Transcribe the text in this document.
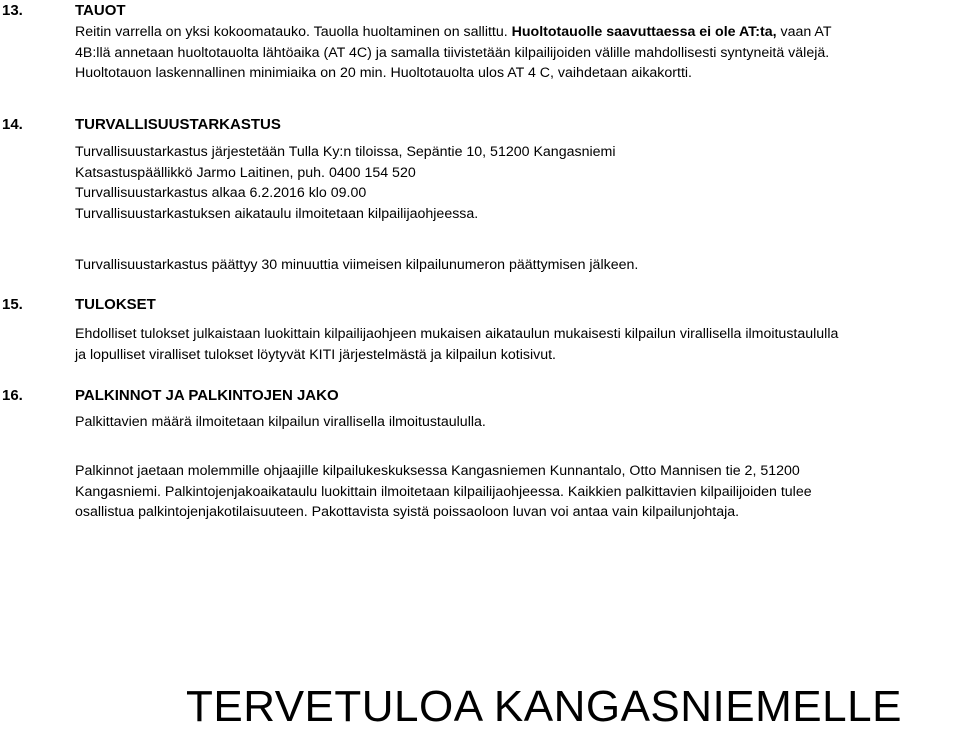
13.	TAUOT
Reitin varrella on yksi kokoomatauko. Tauolla huoltaminen on sallittu. Huoltotauolle saavuttaessa ei ole AT:ta, vaan AT
4B:llä annetaan huoltotauolta lähtöaika (AT 4C) ja samalla tiivistetään kilpailijoiden välille mahdollisesti syntyneitä välejä.
Huoltotauon laskennallinen minimiaika on 20 min. Huoltotauolta ulos AT 4 C, vaihdetaan aikakortti.
14.	TURVALLISUUSTARKASTUS
Turvallisuustarkastus järjestetään Tulla Ky:n tiloissa, Sepäntie 10, 51200 Kangasniemi
Katsastuspäällikkö Jarmo Laitinen, puh. 0400 154 520
Turvallisuustarkastus alkaa 6.2.2016 klo 09.00
Turvallisuustarkastuksen aikataulu ilmoitetaan kilpailijaohjeessa.
Turvallisuustarkastus päättyy 30 minuuttia viimeisen kilpailunumeron päättymisen jälkeen.
15.	TULOKSET
Ehdolliset tulokset julkaistaan luokittain kilpailijaohjeen mukaisen aikataulun mukaisesti kilpailun virallisella ilmoitustaululla
ja lopulliset viralliset tulokset löytyvät KITI järjestelmästä ja kilpailun kotisivut.
16.	PALKINNOT JA PALKINTOJEN JAKO
Palkittavien määrä ilmoitetaan kilpailun virallisella ilmoitustaululla.
Palkinnot jaetaan molemmille ohjaajille kilpailukeskuksessa Kangasniemen Kunnantalo, Otto Mannisen tie 2, 51200
Kangasniemi. Palkintojenjakoaikataulu luokittain ilmoitetaan kilpailijaohjeessa. Kaikkien palkittavien kilpailijoiden tulee
osallistua palkintojenjakotilaisuuteen. Pakottavista syistä poissaoloon luvan voi antaa vain kilpailunjohtaja.
TERVETULOA KANGASNIEMELLE
